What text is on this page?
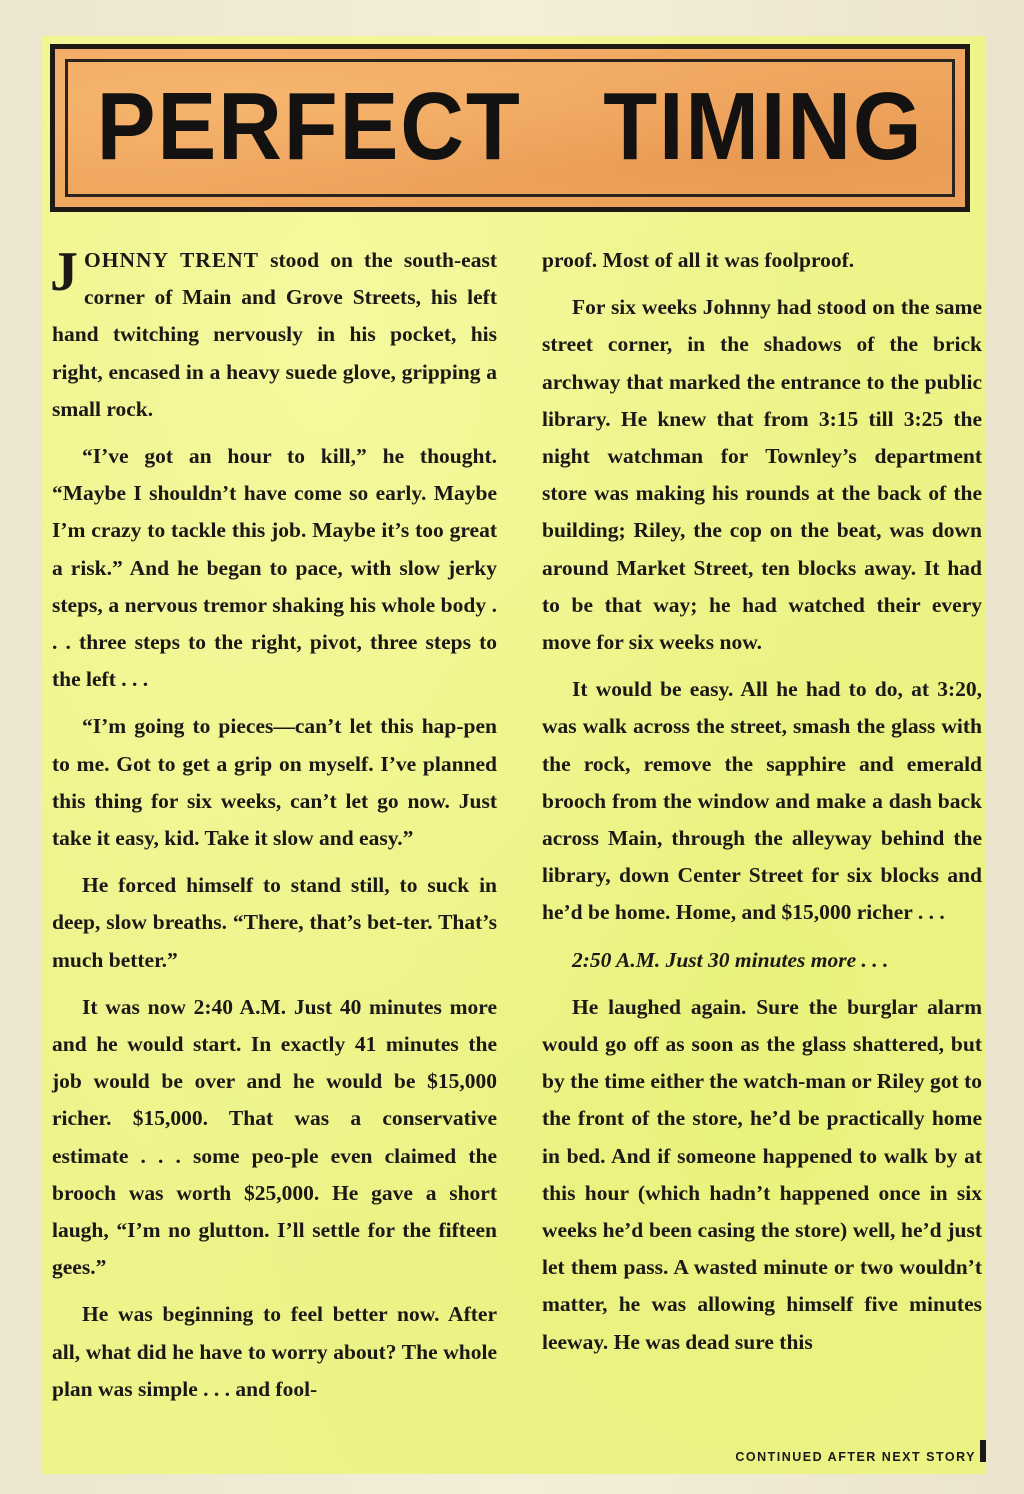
PERFECT TIMING

JOHNNY TRENT stood on the south-east corner of Main and Grove Streets, his left hand twitching nervously in his pocket, his right, encased in a heavy suede glove, gripping a small rock.

“I’ve got an hour to kill,” he thought. “Maybe I shouldn’t have come so early. Maybe I’m crazy to tackle this job. Maybe it’s too great a risk.” And he began to pace, with slow jerky steps, a nervous tremor shaking his whole body . . . three steps to the right, pivot, three steps to the left . . .

“I’m going to pieces—can’t let this hap-pen to me. Got to get a grip on myself. I’ve planned this thing for six weeks, can’t let go now. Just take it easy, kid. Take it slow and easy.”

He forced himself to stand still, to suck in deep, slow breaths. “There, that’s bet-ter. That’s much better.”

It was now 2:40 A.M. Just 40 minutes more and he would start. In exactly 41 minutes the job would be over and he would be $15,000 richer. $15,000. That was a conservative estimate . . . some peo-ple even claimed the brooch was worth $25,000. He gave a short laugh, “I’m no glutton. I’ll settle for the fifteen gees.”

He was beginning to feel better now. After all, what did he have to worry about? The whole plan was simple . . . and fool-

proof. Most of all it was foolproof.

For six weeks Johnny had stood on the same street corner, in the shadows of the brick archway that marked the entrance to the public library. He knew that from 3:15 till 3:25 the night watchman for Townley’s department store was making his rounds at the back of the building; Riley, the cop on the beat, was down around Market Street, ten blocks away. It had to be that way; he had watched their every move for six weeks now.

It would be easy. All he had to do, at 3:20, was walk across the street, smash the glass with the rock, remove the sapphire and emerald brooch from the window and make a dash back across Main, through the alleyway behind the library, down Center Street for six blocks and he’d be home. Home, and $15,000 richer . . .

2:50 A.M. Just 30 minutes more . . .

He laughed again. Sure the burglar alarm would go off as soon as the glass shattered, but by the time either the watch-man or Riley got to the front of the store, he’d be practically home in bed. And if someone happened to walk by at this hour (which hadn’t happened once in six weeks he’d been casing the store) well, he’d just let them pass. A wasted minute or two wouldn’t matter, he was allowing himself five minutes leeway. He was dead sure this

CONTINUED AFTER NEXT STORY
